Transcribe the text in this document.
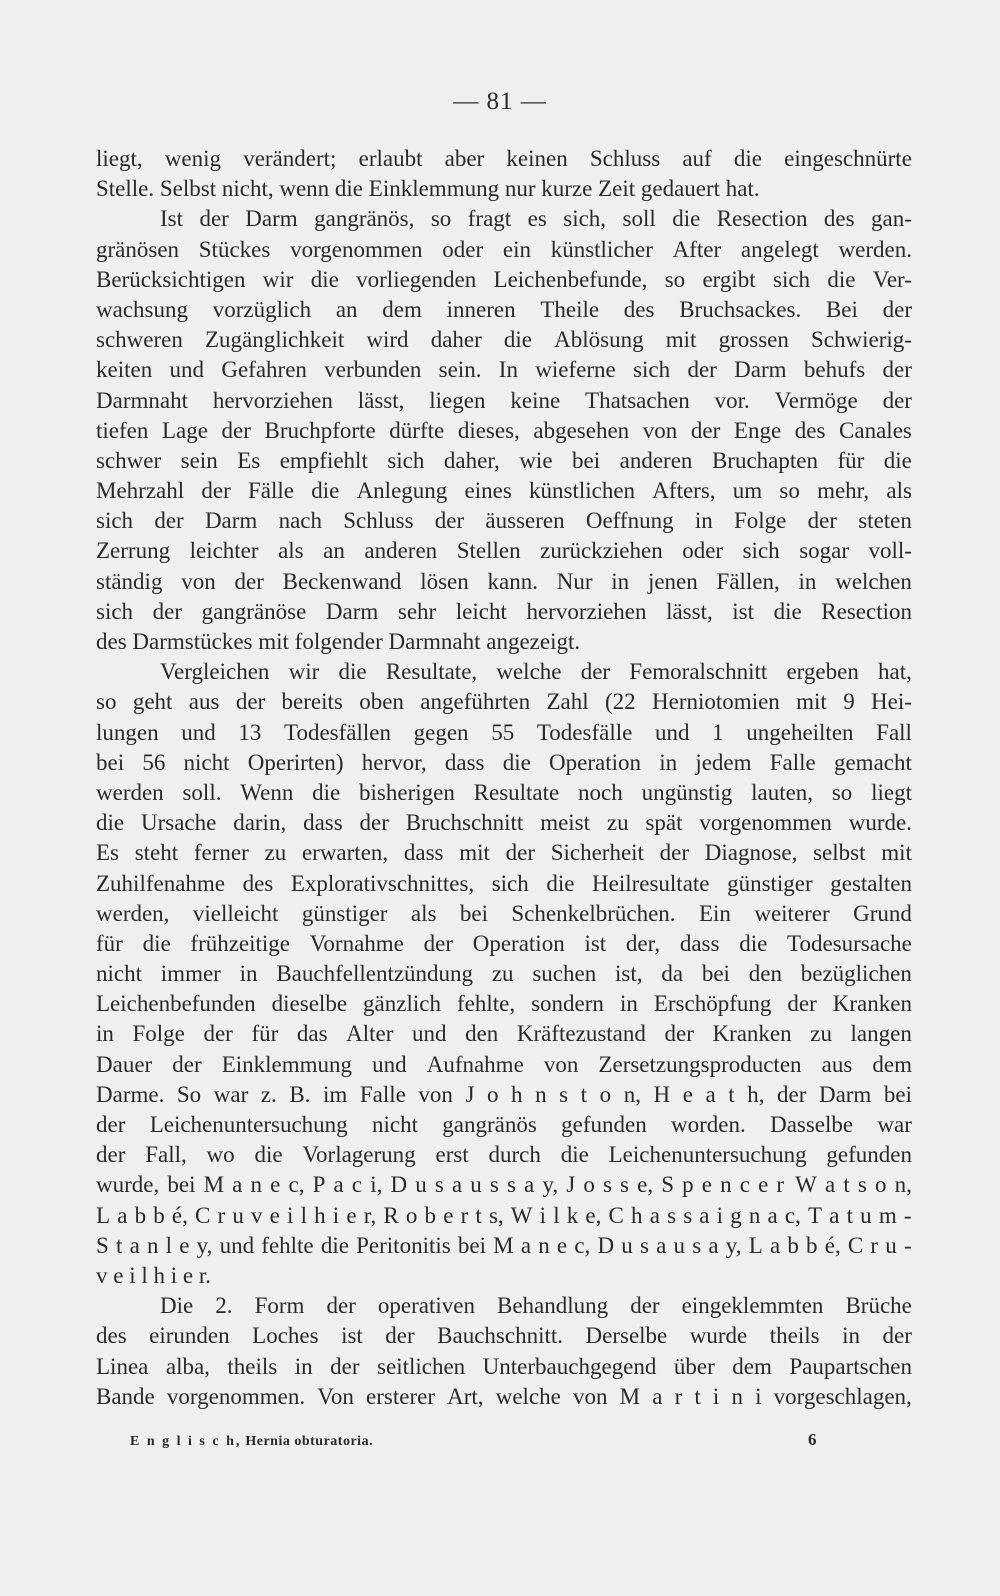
— 81 —
liegt, wenig verändert; erlaubt aber keinen Schluss auf die eingeschnürte
Stelle. Selbst nicht, wenn die Einklemmung nur kurze Zeit gedauert hat.
Ist der Darm gangränös, so fragt es sich, soll die Resection des gan-
gränösen Stückes vorgenommen oder ein künstlicher After angelegt werden.
Berücksichtigen wir die vorliegenden Leichenbefunde, so ergibt sich die Ver-
wachsung vorzüglich an dem inneren Theile des Bruchsackes. Bei der
schweren Zugänglichkeit wird daher die Ablösung mit grossen Schwierig-
keiten und Gefahren verbunden sein. In wieferne sich der Darm behufs der
Darmnaht hervorziehen lässt, liegen keine Thatsachen vor. Vermöge der
tiefen Lage der Bruchpforte dürfte dieses, abgesehen von der Enge des Canales
schwer sein Es empfiehlt sich daher, wie bei anderen Bruchарten für die
Mehrzahl der Fälle die Anlegung eines künstlichen Afters, um so mehr, als
sich der Darm nach Schluss der äusseren Oeffnung in Folge der steten
Zerrung leichter als an anderen Stellen zurückziehen oder sich sogar voll-
ständig von der Beckenwand lösen kann. Nur in jenen Fällen, in welchen
sich der gangränöse Darm sehr leicht hervorziehen lässt, ist die Resection
des Darmstückes mit folgender Darmnaht angezeigt.
Vergleichen wir die Resultate, welche der Femoralschnitt ergeben hat,
so geht aus der bereits oben angeführten Zahl (22 Herniotomien mit 9 Hei-
lungen und 13 Todesfällen gegen 55 Todesfälle und 1 ungeheilten Fall
bei 56 nicht Operirten) hervor, dass die Operation in jedem Falle gemacht
werden soll. Wenn die bisherigen Resultate noch ungünstig lauten, so liegt
die Ursache darin, dass der Bruchschnitt meist zu spät vorgenommen wurde.
Es steht ferner zu erwarten, dass mit der Sicherheit der Diagnose, selbst mit
Zuhilfenahme des Explorativschnittes, sich die Heilresultate günstiger gestalten
werden, vielleicht günstiger als bei Schenkelbrüchen. Ein weiterer Grund
für die frühzeitige Vornahme der Operation ist der, dass die Todesursache
nicht immer in Bauchfellentzündung zu suchen ist, da bei den bezüglichen
Leichenbefunden dieselbe gänzlich fehlte, sondern in Erschöpfung der Kranken
in Folge der für das Alter und den Kräftezustand der Kranken zu langen
Dauer der Einklemmung und Aufnahme von Zersetzungsproducten aus dem
Darme. So war z. B. im Falle von J o h n s t o n, H e a t h, der Darm bei
der Leichenuntersuchung nicht gangränös gefunden worden. Dasselbe war
der Fall, wo die Vorlagerung erst durch die Leichenuntersuchung gefunden
wurde, bei M a n e c, P a c i, D u s a u s s a y, J o s s e, S p e n c e r  W a t s o n,
L a b b é, C r u v e i l h i e r, R o b e r t s, W i l k e, C h a s s a i g n a c, T a t u m -
S t a n l e y, und fehlte die Peritonitis bei M a n e c, D u s a u s a y, L a b b é, C r u -
v e i l h i e r.
Die 2. Form der operativen Behandlung der eingeklemmten Brüche
des eirunden Loches ist der Bauchschnitt. Derselbe wurde theils in der
Linea alba, theils in der seitlichen Unterbauchgegend über dem Paupartschen
Bande vorgenommen. Von ersterer Art, welche von M a r t i n i vorgeschlagen,
E n g l i s c h, Hernia obturatoria.	6
